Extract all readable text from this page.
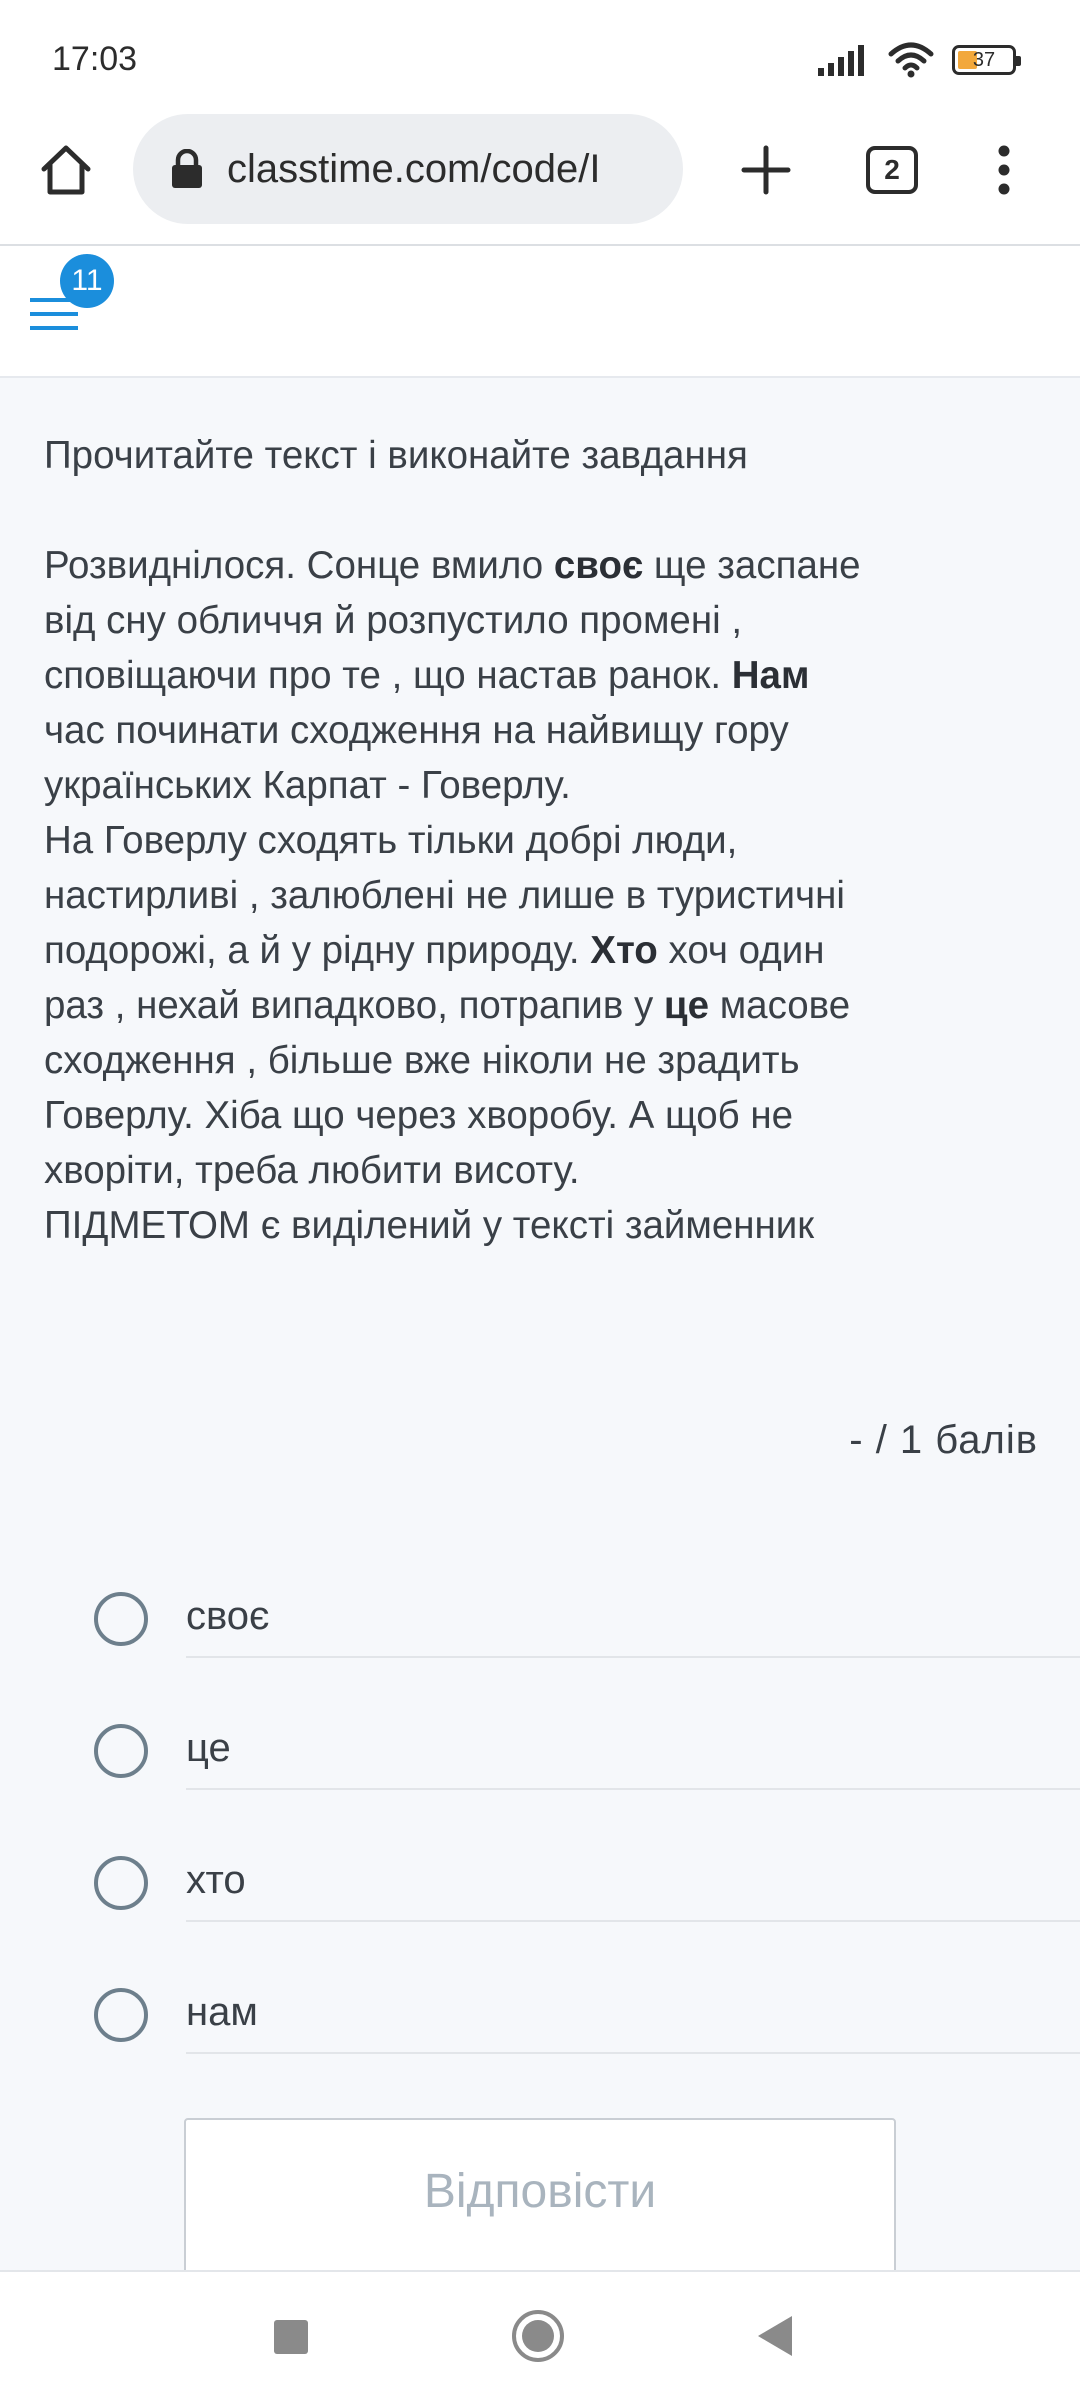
17:03	37
classtime.com/code/I	2
11

Прочитайте текст і виконайте завдання

Розвиднілося. Сонце вмило своє ще заспане

від сну обличчя й розпустило промені ,

сповіщаючи про те , що настав ранок. Нам

час починати сходження на найвищу гору

українських Карпат - Говерлу.

На Говерлу сходять тільки добрі люди,

настирливі , залюблені не лише в туристичні

подорожі, а й у рідну природу. Хто хоч один

раз , нехай випадково, потрапив у це масове

сходження , більше вже ніколи не зрадить

Говерлу. Хіба що через хворобу. А щоб не

хворіти, треба любити висоту.

ПІДМЕТОМ є виділений у тексті займенник

- / 1 балів
своє
це
хто
нам
Відповісти
